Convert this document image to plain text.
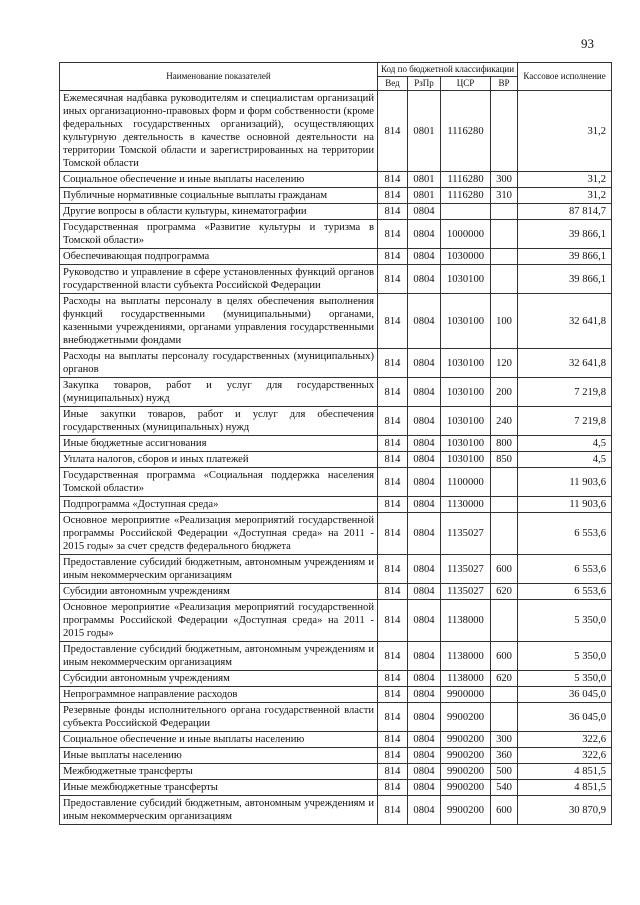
93
Наименование показателей	Код по бюджетной классификации				Кассовое исполнение
	Вед	РзПр	ЦСР	ВР	
Ежемесячная надбавка руководителям и специалистам организаций иных организационно-правовых форм и форм собственности (кроме федеральных государственных организаций), осуществляющих культурную деятельность в качестве основной деятельности на территории Томской области и зарегистрированных на территории Томской области	814	0801	1116280		31,2
Социальное обеспечение и иные выплаты населению	814	0801	1116280	300	31,2
Публичные нормативные социальные выплаты гражданам	814	0801	1116280	310	31,2
Другие вопросы в области культуры, кинематографии	814	0804			87 814,7
Государственная программа «Развитие культуры и туризма в Томской области»	814	0804	1000000		39 866,1
Обеспечивающая подпрограмма	814	0804	1030000		39 866,1
Руководство и управление в сфере установленных функций органов государственной власти субъекта Российской Федерации	814	0804	1030100		39 866,1
Расходы на выплаты персоналу в целях обеспечения выполнения функций государственными (муниципальными) органами, казенными учреждениями, органами управления государственными внебюджетными фондами	814	0804	1030100	100	32 641,8
Расходы на выплаты персоналу государственных (муниципальных) органов	814	0804	1030100	120	32 641,8
Закупка товаров, работ и услуг для государственных (муниципальных) нужд	814	0804	1030100	200	7 219,8
Иные закупки товаров, работ и услуг для обеспечения государственных (муниципальных) нужд	814	0804	1030100	240	7 219,8
Иные бюджетные ассигнования	814	0804	1030100	800	4,5
Уплата налогов, сборов и иных платежей	814	0804	1030100	850	4,5
Государственная программа «Социальная поддержка населения Томской области»	814	0804	1100000		11 903,6
Подпрограмма «Доступная среда»	814	0804	1130000		11 903,6
Основное мероприятие «Реализация мероприятий государственной программы Российской Федерации «Доступная среда» на 2011 - 2015 годы» за счет средств федерального бюджета	814	0804	1135027		6 553,6
Предоставление субсидий бюджетным, автономным учреждениям и иным некоммерческим организациям	814	0804	1135027	600	6 553,6
Субсидии автономным учреждениям	814	0804	1135027	620	6 553,6
Основное мероприятие «Реализация мероприятий государственной программы Российской Федерации «Доступная среда» на 2011 - 2015 годы»	814	0804	1138000		5 350,0
Предоставление субсидий бюджетным, автономным учреждениям и иным некоммерческим организациям	814	0804	1138000	600	5 350,0
Субсидии автономным учреждениям	814	0804	1138000	620	5 350,0
Непрограммное направление расходов	814	0804	9900000		36 045,0
Резервные фонды исполнительного органа государственной власти субъекта Российской Федерации	814	0804	9900200		36 045,0
Социальное обеспечение и иные выплаты населению	814	0804	9900200	300	322,6
Иные выплаты населению	814	0804	9900200	360	322,6
Межбюджетные трансферты	814	0804	9900200	500	4 851,5
Иные межбюджетные трансферты	814	0804	9900200	540	4 851,5
Предоставление субсидий бюджетным, автономным учреждениям и иным некоммерческим организациям	814	0804	9900200	600	30 870,9
